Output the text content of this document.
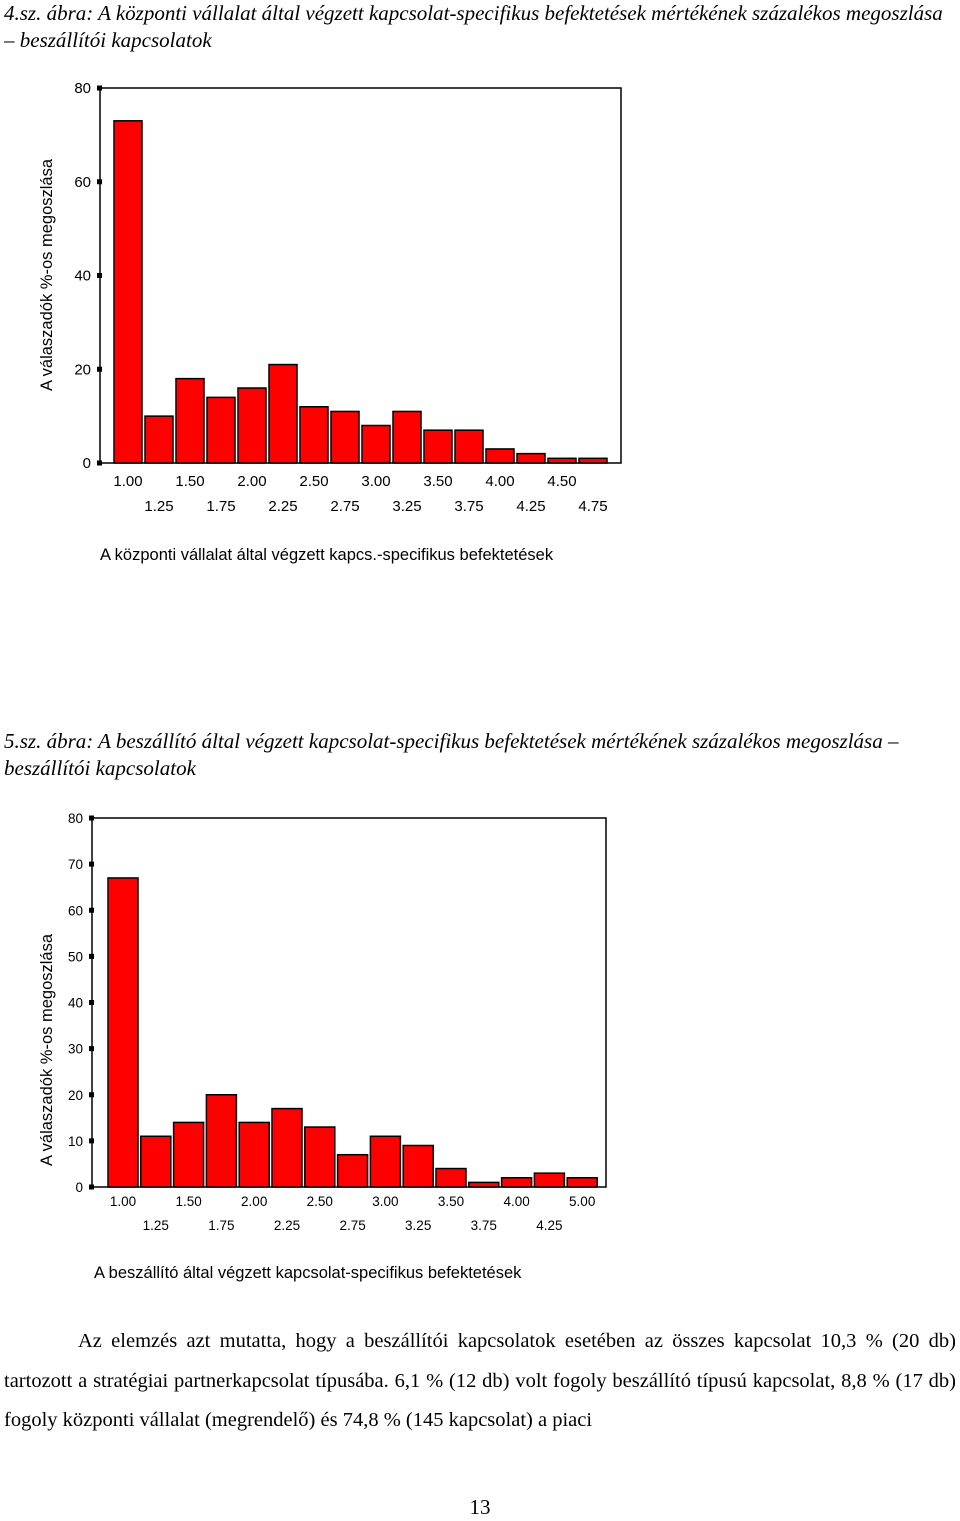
4.sz. ábra: A központi vállalat által végzett kapcsolat-specifikus befektetések mértékének százalékos megoszlása – beszállítói kapcsolatok
0
20
40
60
80
1.00 1.50 2.00 2.50 3.00 3.50 4.00 4.50
1.25 1.75 2.25 2.75 3.25 3.75 4.25 4.75
A központi vállalat által végzett kapcs.-specifikus befektetések
A válaszadók %-os megoszlása
5.sz. ábra: A beszállító által végzett kapcsolat-specifikus befektetések mértékének százalékos megoszlása – beszállítói kapcsolatok
0
10
20
30
40
50
60
70
80
1.00	1.50	2.00	2.50	3.00	3.50	4.00	5.00
1.25	1.75	2.25	2.75	3.25	3.75	4.25
A beszállító által végzett kapcsolat-specifikus befektetések
A válaszadók %-os megoszlása
Az elemzés azt mutatta, hogy a beszállítói kapcsolatok esetében az összes kapcsolat 10,3 % (20 db) tartozott a stratégiai partnerkapcsolat típusába. 6,1 % (12 db) volt fogoly beszállító típusú kapcsolat, 8,8 % (17 db) fogoly központi vállalat (megrendelő) és 74,8 % (145 kapcsolat) a piaci
13
